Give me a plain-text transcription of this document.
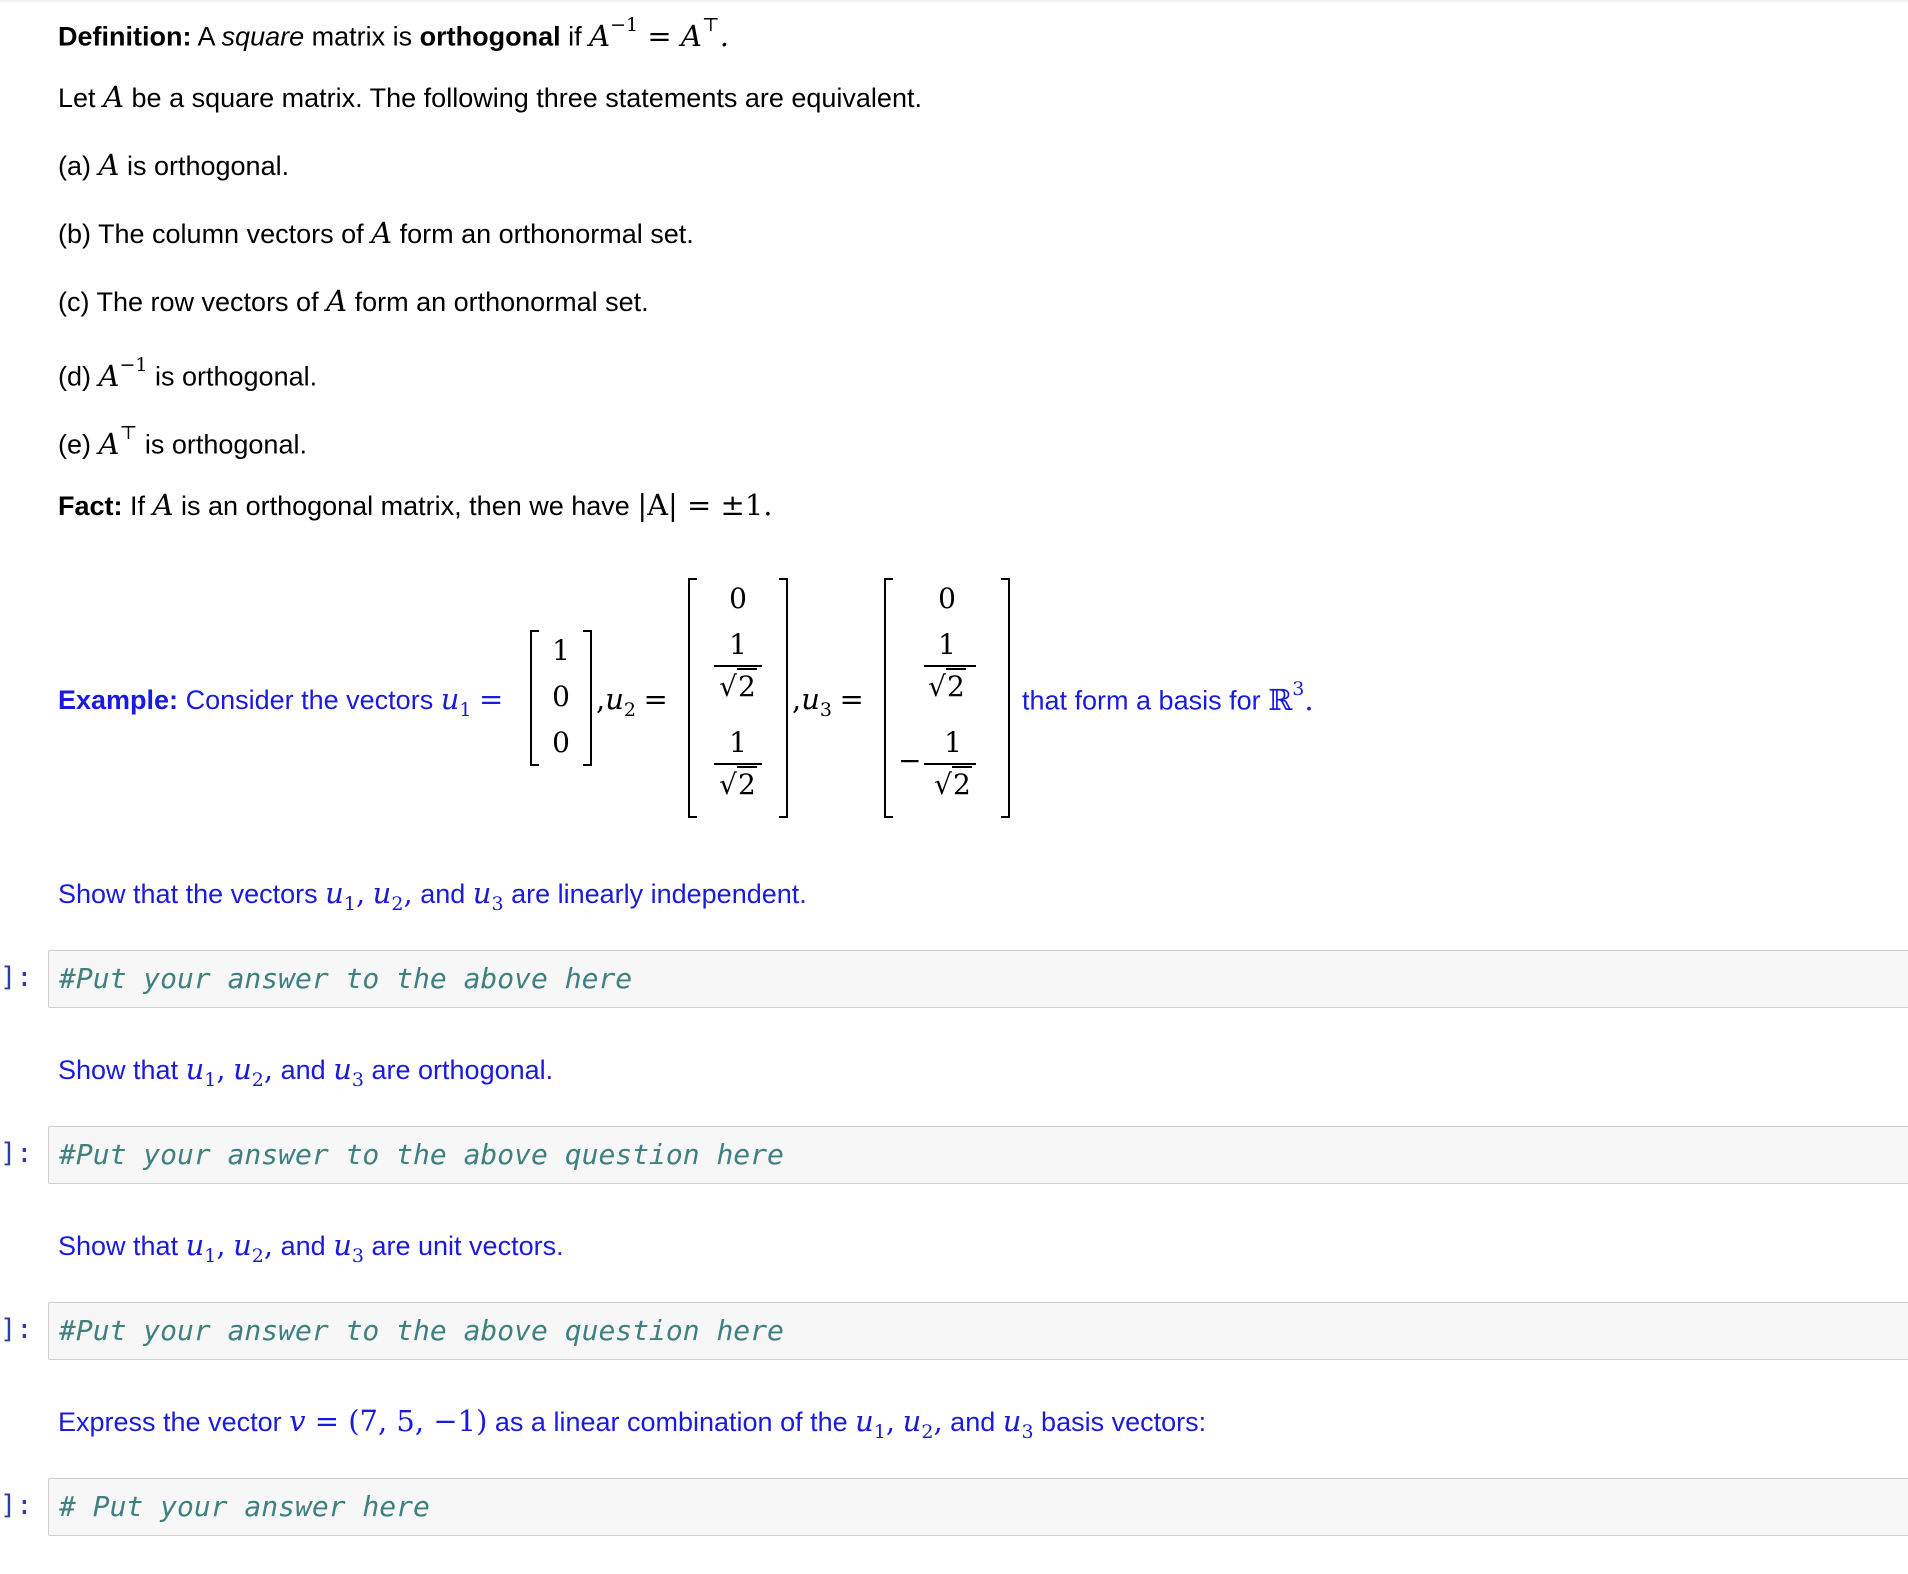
Definition: A square matrix is orthogonal if $A^{-1} = A^⊤$.
Let A be a square matrix. The following three statements are equivalent.
(a) A is orthogonal.
(b) The column vectors of A form an orthonormal set.
(c) The row vectors of A form an orthonormal set.
(d) $A^{-1}$ is orthogonal.
(e) A⊤ is orthogonal.
Fact: If A is an orthogonal matrix, then we have |A| = ±1.
Example: Consider the vectors $u_1$ =
1
0
0
$,u_2$ =
0
1
√2
1
√2
$,u_3$ =
0
1
√2
1
−
√2
that form a basis for ℝ$^3$.
Show that the vectors $u_1$, $u_2$, and $u_3$ are linearly independent.
]: #Put your answer to the above here
Show that $u_1$, $u_2$, and $u_3$ are orthogonal.
]: #Put your answer to the above question here
Show that $u_1$, $u_2$, and $u_3$ are unit vectors.
]: #Put your answer to the above question here
Express the vector v = (7, 5, −1) as a linear combination of the $u_1$, $u_2$, and $u_3$ basis vectors:
]: # Put your answer here
